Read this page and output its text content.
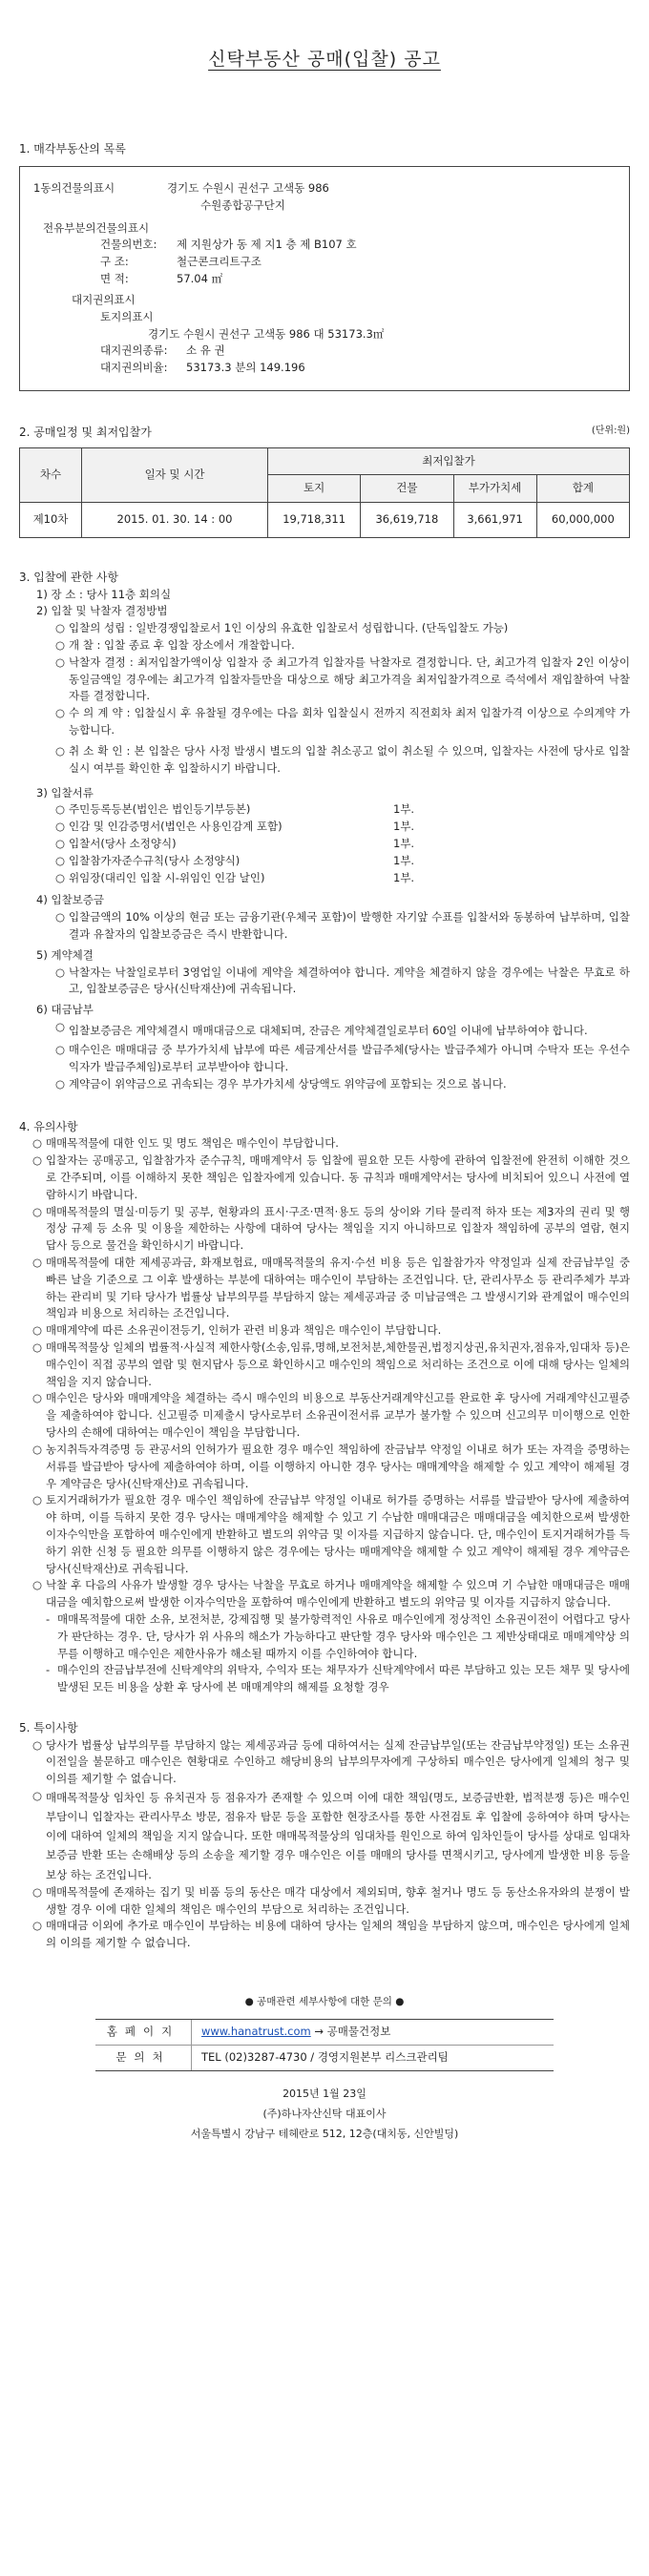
신탁부동산 공매(입찰) 공고
1. 매각부동산의 목록
1동의건물의표시	경기도 수원시 권선구 고색동 986
수원종합공구단지
전유부분의건물의표시
건물의번호:	제 지원상가 동 제 지1 층 제 B107 호
구 조:	철근콘크리트구조
면 적:	57.04 ㎡
대지권의표시
토지의표시
경기도 수원시 권선구 고색동 986 대 53173.3㎡
대지권의종류:	소 유 권
대지권의비율:	53173.3 분의 149.196
2. 공매일정 및 최저입찰가	(단위:원)
차수	일자 및 시간	최저입찰가			
		토지	건물	부가가치세	합계
제10차	2015. 01. 30. 14 : 00	19,718,311	36,619,718	3,661,971	60,000,000
3. 입찰에 관한 사항
1) 장 소 : 당사 11층 회의실
2) 입찰 및 낙찰자 결정방법
○ 입찰의 성립 : 일반경쟁입찰로서 1인 이상의 유효한 입찰로서 성립합니다. (단독입찰도 가능)
○ 개 찰 : 입찰 종료 후 입찰 장소에서 개찰합니다.
○ 낙찰자 결정 : 최저입찰가액이상 입찰자 중 최고가격 입찰자를 낙찰자로 결정합니다. 단, 최고가격 입찰자 2인 이상이 동일금액일 경우에는 최고가격 입찰자들만을 대상으로 해당 최고가격을 최저입찰가격으로 즉석에서 재입찰하여 낙찰자를 결정합니다.
○ 수 의 계 약 : 입찰실시 후 유찰될 경우에는 다음 회차 입찰실시 전까지 직전회차 최저 입찰가격 이상으로 수의계약 가능합니다.
○ 취 소 확 인 : 본 입찰은 당사 사정 발생시 별도의 입찰 취소공고 없이 취소될 수 있으며, 입찰자는 사전에 당사로 입찰 실시 여부를 확인한 후 입찰하시기 바랍니다.
3) 입찰서류
○ 주민등록등본(법인은 법인등기부등본)	1부.
○ 인감 및 인감증명서(법인은 사용인감계 포함)	1부.
○ 입찰서(당사 소정양식)	1부.
○ 입찰참가자준수규칙(당사 소정양식)	1부.
○ 위임장(대리인 입찰 시-위임인 인감 날인)	1부.
4) 입찰보증금
○ 입찰금액의 10% 이상의 현금 또는 금융기관(우체국 포함)이 발행한 자기앞 수표를 입찰서와 동봉하여 납부하며, 입찰결과 유찰자의 입찰보증금은 즉시 반환합니다.
5) 계약체결
○ 낙찰자는 낙찰일로부터 3영업일 이내에 계약을 체결하여야 합니다. 계약을 체결하지 않을 경우에는 낙찰은 무효로 하고, 입찰보증금은 당사(신탁재산)에 귀속됩니다.
6) 대금납부
○ 입찰보증금은 계약체결시 매매대금으로 대체되며, 잔금은 계약체결일로부터 60일 이내에 납부하여야 합니다.
○ 매수인은 매매대금 중 부가가치세 납부에 따른 세금계산서를 발급주체(당사는 발급주체가 아니며 수탁자 또는 우선수익자가 발급주체임)로부터 교부받아야 합니다.
○ 계약금이 위약금으로 귀속되는 경우 부가가치세 상당액도 위약금에 포함되는 것으로 봅니다.
4. 유의사항
○ 매매목적물에 대한 인도 및 명도 책임은 매수인이 부담합니다.
○ 입찰자는 공매공고, 입찰참가자 준수규칙, 매매계약서 등 입찰에 필요한 모든 사항에 관하여 입찰전에 완전히 이해한 것으로 간주되며, 이를 이해하지 못한 책임은 입찰자에게 있습니다. 동 규칙과 매매계약서는 당사에 비치되어 있으니 사전에 열람하시기 바랍니다.
○ 매매목적물의 멸실·미등기 및 공부, 현황과의 표시·구조·면적·용도 등의 상이와 기타 물리적 하자 또는 제3자의 권리 및 행정상 규제 등 소유 및 이용을 제한하는 사항에 대하여 당사는 책임을 지지 아니하므로 입찰자 책임하에 공부의 열람, 현지 답사 등으로 물건을 확인하시기 바랍니다.
○ 매매목적물에 대한 제세공과금, 화재보험료, 매매목적물의 유지·수선 비용 등은 입찰참가자 약정일과 실제 잔금납부일 중 빠른 날을 기준으로 그 이후 발생하는 부분에 대하여는 매수인이 부담하는 조건입니다. 단, 관리사무소 등 관리주체가 부과하는 관리비 및 기타 당사가 법률상 납부의무를 부담하지 않는 제세공과금 중 미납금액은 그 발생시기와 관계없이 매수인의 책임과 비용으로 처리하는 조건입니다.
○ 매매계약에 따른 소유권이전등기, 인허가 관련 비용과 책임은 매수인이 부담합니다.
○ 매매목적물상 일체의 법률적·사실적 제한사항(소송,임류,명해,보전처분,체한물권,법정지상권,유치권자,점유자,임대차 등)은 매수인이 직접 공부의 열람 및 현지답사 등으로 확인하시고 매수인의 책임으로 처리하는 조건으로 이에 대해 당사는 일체의 책임을 지지 않습니다.
○ 매수인은 당사와 매매계약을 체결하는 즉시 매수인의 비용으로 부동산거래계약신고를 완료한 후 당사에 거래계약신고필증을 제출하여야 합니다. 신고필증 미제출시 당사로부터 소유권이전서류 교부가 불가할 수 있으며 신고의무 미이행으로 인한 당사의 손해에 대하여는 매수인이 책임을 부담합니다.
○ 농지취득자격증명 등 관공서의 인허가가 필요한 경우 매수인 책임하에 잔금납부 약정일 이내로 허가 또는 자격을 증명하는 서류를 발급받아 당사에 제출하여야 하며, 이를 이행하지 아니한 경우 당사는 매매계약을 해제할 수 있고 계약이 해제될 경우 계약금은 당사(신탁재산)로 귀속됩니다.
○ 토지거래허가가 필요한 경우 매수인 책임하에 잔금납부 약정일 이내로 허가를 증명하는 서류를 발급받아 당사에 제출하여야 하며, 이를 득하지 못한 경우 당사는 매매계약을 해제할 수 있고 기 수납한 매매대금은 매매대금을 예치한으로써 발생한 이자수익만을 포함하여 매수인에게 반환하고 별도의 위약금 및 이자를 지급하지 않습니다. 단, 매수인이 토지거래허가를 득하기 위한 신청 등 필요한 의무를 이행하지 않은 경우에는 당사는 매매계약을 해제할 수 있고 계약이 해제될 경우 계약금은 당사(신탁재산)로 귀속됩니다.
○ 낙찰 후 다음의 사유가 발생할 경우 당사는 낙찰을 무효로 하거나 매매계약을 해제할 수 있으며 기 수납한 매매대금은 매매대금을 예치함으로써 발생한 이자수익만을 포함하여 매수인에게 반환하고 별도의 위약금 및 이자를 지급하지 않습니다.
- 매매목적물에 대한 소유, 보전처분, 강제집행 및 불가항력적인 사유로 매수인에게 정상적인 소유권이전이 어렵다고 당사가 판단하는 경우. 단, 당사가 위 사유의 해소가 가능하다고 판단할 경우 당사와 매수인은 그 제반상태대로 매매계약상 의무를 이행하고 매수인은 제한사유가 해소될 때까지 이를 수인하여야 합니다.
- 매수인의 잔금납부전에 신탁계약의 위탁자, 수익자 또는 채무자가 신탁계약에서 따른 부담하고 있는 모든 채무 및 당사에 발생된 모든 비용을 상환 후 당사에 본 매매계약의 해제를 요청할 경우
5. 특이사항
○ 당사가 법률상 납부의무를 부담하지 않는 제세공과금 등에 대하여서는 실제 잔금납부일(또는 잔금납부약정일) 또는 소유권이전일을 불문하고 매수인은 현황대로 수인하고 해당비용의 납부의무자에게 구상하되 매수인은 당사에게 일체의 청구 및 이의를 제기할 수 없습니다.
○ 매매목적물상 임차인 등 유치권자 등 점유자가 존재할 수 있으며 이에 대한 책임(명도, 보증금반환, 법적분쟁 등)은 매수인 부담이니 입찰자는 관리사무소 방문, 점유자 탐문 등을 포함한 현장조사를 통한 사전검토 후 입찰에 응하여야 하며 당사는 이에 대하여 일체의 책임을 지지 않습니다. 또한 매매목적물상의 임대차를 원인으로 하여 임차인들이 당사를 상대로 임대차보증금 반환 또는 손해배상 등의 소송을 제기할 경우 매수인은 이를 매매의 당사를 면책시키고, 당사에게 발생한 비용 등을 보상 하는 조건입니다.
○ 매매목적물에 존재하는 집기 및 비품 등의 동산은 매각 대상에서 제외되며, 향후 철거나 명도 등 동산소유자와의 분쟁이 발생할 경우 이에 대한 일체의 책임은 매수인의 부담으로 처리하는 조건입니다.
○ 매매대금 이외에 추가로 매수인이 부담하는 비용에 대하여 당사는 일체의 책임을 부담하지 않으며, 매수인은 당사에게 일체의 이의를 제기할 수 없습니다.
● 공매관련 세부사항에 대한 문의 ●
홈페이지	www.hanatrust.com → 공매물건정보
문의처	TEL (02)3287-4730 / 경영지원본부 리스크관리팀
2015년 1월 23일
(주)하나자산신탁 대표이사
서울특별시 강남구 테헤란로 512, 12층(대치동, 신안빌딩)
